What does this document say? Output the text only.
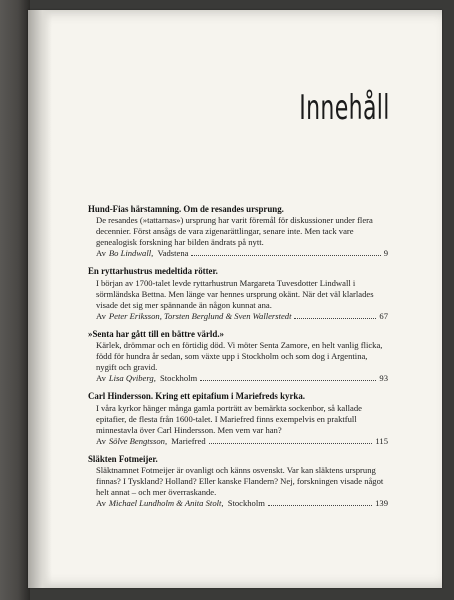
Innehåll
Hund-Fias härstamning. Om de resandes ursprung.
De resandes (»tattarnas») ursprung har varit föremål för diskussioner under flera decennier. Först ansågs de vara zigenarättlingar, senare inte. Men tack vare genealogisk forskning har bilden ändrats på nytt.
Av Bo Lindwall , Vadstena	9
En ryttarhustrus medeltida rötter.
I början av 1700-talet levde ryttarhustrun Margareta Tuvesdotter Lindwall i sörmländska Bettna. Men länge var hennes ursprung okänt. När det väl klarlades visade det sig mer spännande än någon kunnat ana.
Av Peter Eriksson, Torsten Berglund & Sven Wallerstedt	67
»Senta har gått till en bättre värld.»
Kärlek, drömmar och en förtidig död. Vi möter Senta Zamore, en helt vanlig flicka, född för hundra år sedan, som växte upp i Stockholm och som dog i Argentina, nygift och gravid.
Av Lisa Qviberg , Stockholm	93
Carl Hindersson. Kring ett epitafium i Mariefreds kyrka.
I våra kyrkor hänger många gamla porträtt av bemärkta sockenbor, så kallade epitafier, de flesta från 1600-talet. I Mariefred finns exempelvis en praktfull minnestavla över Carl Hindersson. Men vem var han?
Av Sölve Bengtsson , Mariefred	115
Släkten Fotmeijer.
Släktnamnet Fotmeijer är ovanligt och känns osvenskt. Var kan släktens ursprung finnas? I Tyskland? Holland? Eller kanske Flandern? Nej, forskningen visade något helt annat – och mer överraskande.
Av Michael Lundholm & Anita Stolt , Stockholm	139
